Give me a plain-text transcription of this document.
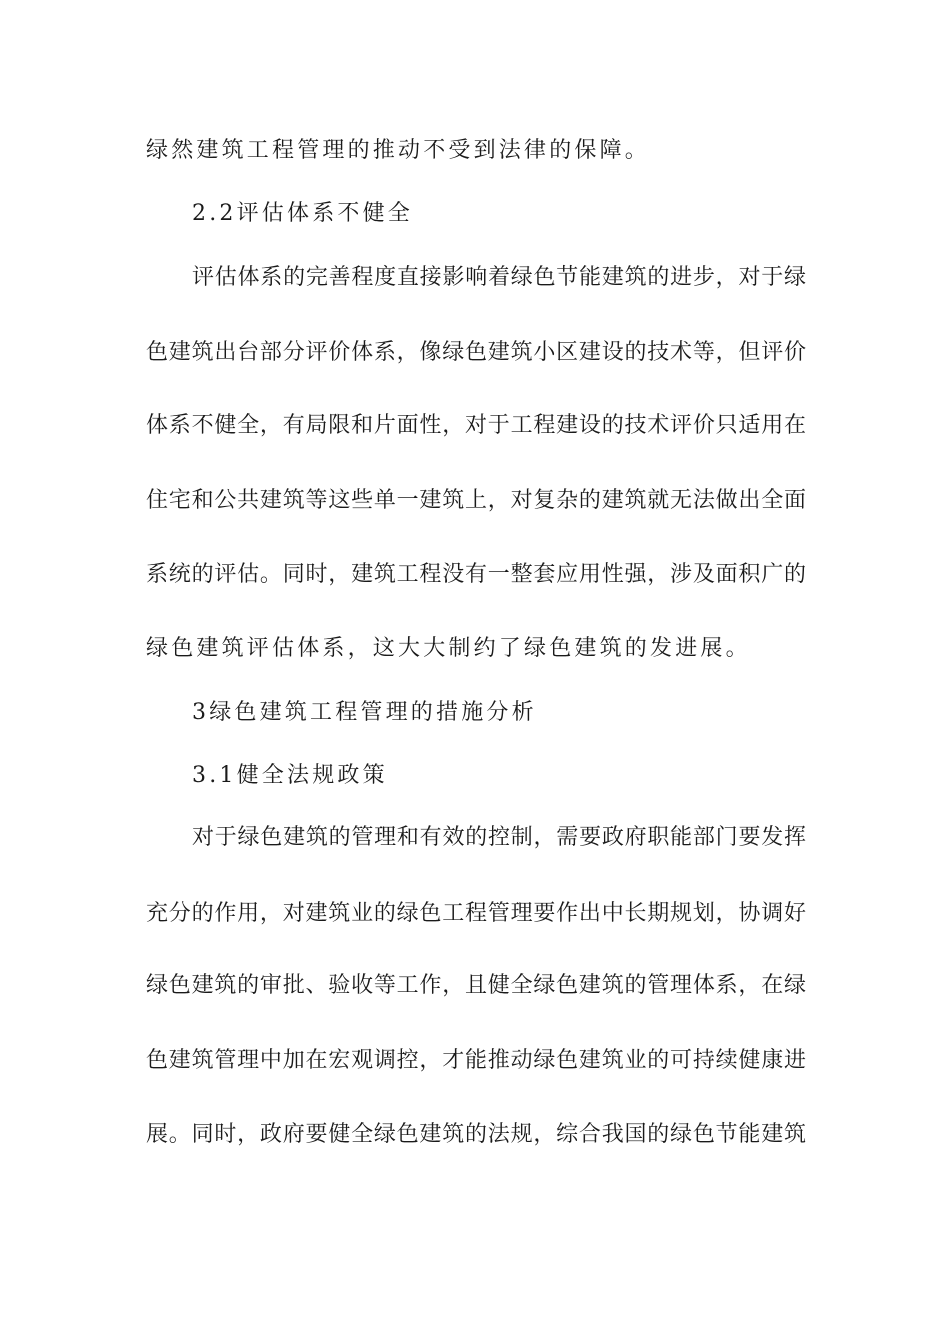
绿然建筑工程管理的推动不受到法律的保障。
2.2评估体系不健全
评估体系的完善程度直接影响着绿色节能建筑的进步，对于绿
色建筑出台部分评价体系，像绿色建筑小区建设的技术等，但评价
体系不健全，有局限和片面性，对于工程建设的技术评价只适用在
住宅和公共建筑等这些单一建筑上，对复杂的建筑就无法做出全面
系统的评估。同时，建筑工程没有一整套应用性强，涉及面积广的
绿色建筑评估体系，这大大制约了绿色建筑的发进展。
3绿色建筑工程管理的措施分析
3.1健全法规政策
对于绿色建筑的管理和有效的控制，需要政府职能部门要发挥
充分的作用，对建筑业的绿色工程管理要作出中长期规划，协调好
绿色建筑的审批、验收等工作，且健全绿色建筑的管理体系，在绿
色建筑管理中加在宏观调控，才能推动绿色建筑业的可持续健康进
展。同时，政府要健全绿色建筑的法规，综合我国的绿色节能建筑
